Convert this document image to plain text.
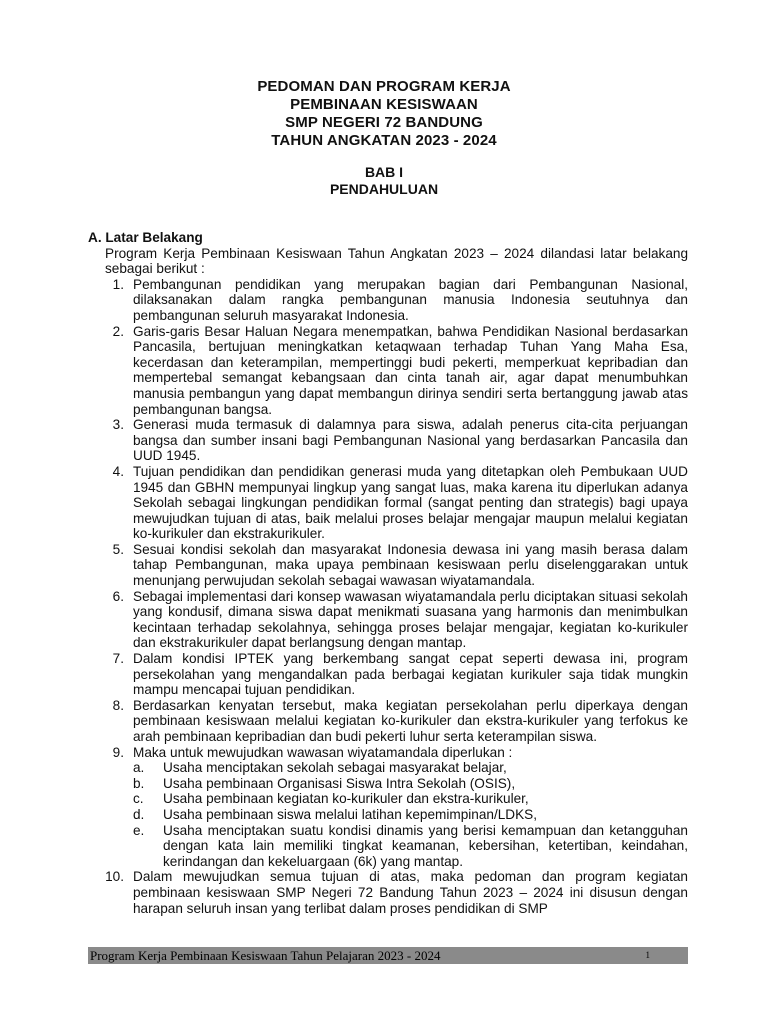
PEDOMAN DAN PROGRAM KERJA
PEMBINAAN KESISWAAN
SMP NEGERI 72 BANDUNG
TAHUN ANGKATAN 2023 - 2024
BAB I
PENDAHULUAN
A. Latar Belakang
Program Kerja Pembinaan Kesiswaan Tahun Angkatan 2023 – 2024 dilandasi latar belakang sebagai berikut :
1. Pembangunan pendidikan yang merupakan bagian dari Pembangunan Nasional, dilaksanakan dalam rangka pembangunan manusia Indonesia seutuhnya dan pembangunan seluruh masyarakat Indonesia.
2. Garis-garis Besar Haluan Negara menempatkan, bahwa Pendidikan Nasional berdasarkan Pancasila, bertujuan meningkatkan ketaqwaan terhadap Tuhan Yang Maha Esa, kecerdasan dan keterampilan, mempertinggi budi pekerti, memperkuat kepribadian dan mempertebal semangat kebangsaan dan cinta tanah air, agar dapat menumbuhkan manusia pembangun yang dapat membangun dirinya sendiri serta bertanggung jawab atas pembangunan bangsa.
3. Generasi muda termasuk di dalamnya para siswa, adalah penerus cita-cita perjuangan bangsa dan sumber insani bagi Pembangunan Nasional yang berdasarkan Pancasila dan UUD 1945.
4. Tujuan pendidikan dan pendidikan generasi muda yang ditetapkan oleh Pembukaan UUD 1945 dan GBHN mempunyai lingkup yang sangat luas, maka karena itu diperlukan adanya Sekolah sebagai lingkungan pendidikan formal (sangat penting dan strategis) bagi upaya mewujudkan tujuan di atas, baik melalui proses belajar mengajar maupun melalui kegiatan ko-kurikuler dan ekstrakurikuler.
5. Sesuai kondisi sekolah dan masyarakat Indonesia dewasa ini yang masih berasa dalam tahap Pembangunan, maka upaya pembinaan kesiswaan perlu diselenggarakan untuk menunjang perwujudan sekolah sebagai wawasan wiyatamandala.
6. Sebagai implementasi dari konsep wawasan wiyatamandala perlu diciptakan situasi sekolah yang kondusif, dimana siswa dapat menikmati suasana yang harmonis dan menimbulkan kecintaan terhadap sekolahnya, sehingga proses belajar mengajar, kegiatan ko-kurikuler dan ekstrakurikuler dapat berlangsung dengan mantap.
7. Dalam kondisi IPTEK yang berkembang sangat cepat seperti dewasa ini, program persekolahan yang mengandalkan pada berbagai kegiatan kurikuler saja tidak mungkin mampu mencapai tujuan pendidikan.
8. Berdasarkan kenyatan tersebut, maka kegiatan persekolahan perlu diperkaya dengan pembinaan kesiswaan melalui kegiatan ko-kurikuler dan ekstra-kurikuler yang terfokus ke arah pembinaan kepribadian dan budi pekerti luhur serta keterampilan siswa.
9. Maka untuk mewujudkan wawasan wiyatamandala diperlukan :
a.	Usaha menciptakan sekolah sebagai masyarakat belajar,
b.	Usaha pembinaan Organisasi Siswa Intra Sekolah (OSIS),
c.	Usaha pembinaan kegiatan ko-kurikuler dan ekstra-kurikuler,
d.	Usaha pembinaan siswa melalui latihan kepemimpinan/LDKS,
e.	Usaha menciptakan suatu kondisi dinamis yang berisi kemampuan dan ketangguhan dengan kata lain memiliki tingkat keamanan, kebersihan, ketertiban, keindahan, kerindangan dan kekeluargaan (6k) yang mantap.
10. Dalam mewujudkan semua tujuan di atas, maka pedoman dan program kegiatan pembinaan kesiswaan SMP Negeri 72 Bandung Tahun 2023 – 2024 ini disusun dengan harapan seluruh insan yang terlibat dalam proses pendidikan di SMP
Program Kerja Pembinaan Kesiswaan Tahun Pelajaran 2023 - 2024	1
